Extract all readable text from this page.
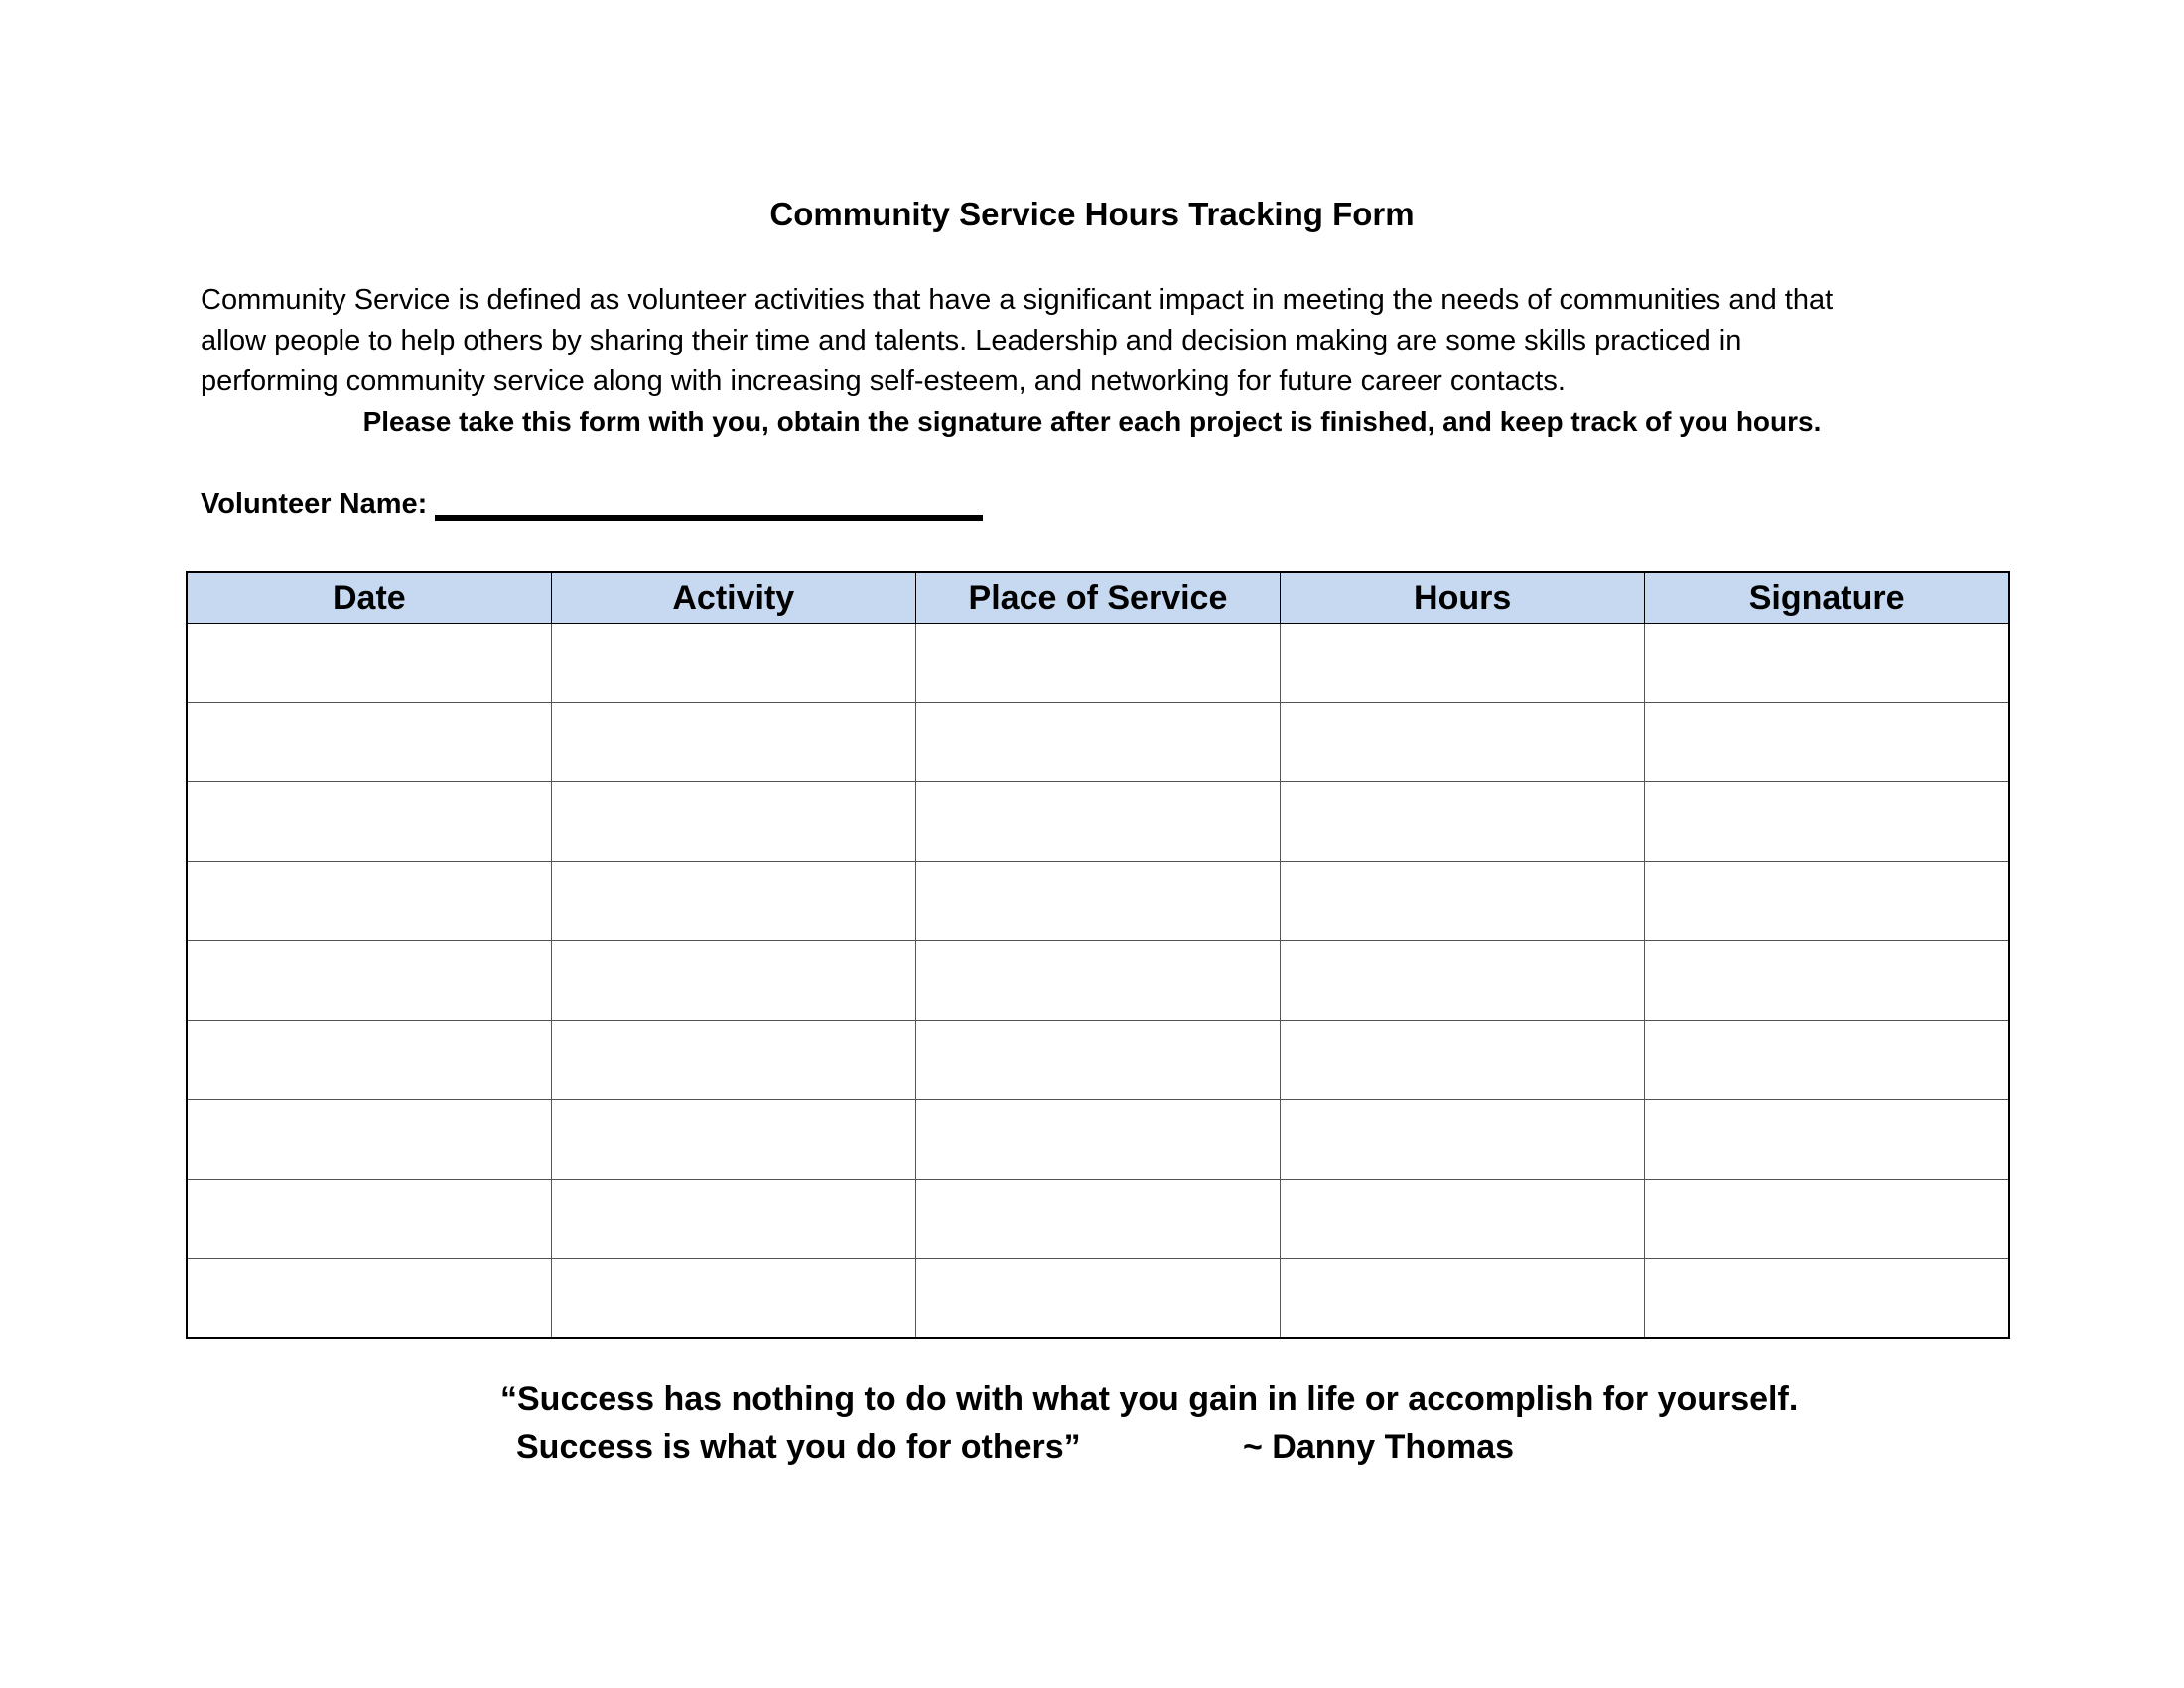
Community Service Hours Tracking Form

Community Service is defined as volunteer activities that have a significant impact in meeting the needs of communities and that

allow people to help others by sharing their time and talents. Leadership and decision making are some skills practiced in

performing community service along with increasing self-esteem, and networking for future career contacts.

Please take this form with you, obtain the signature after each project is finished, and keep track of you hours.
Volunteer Name:
Date	Activity	Place of Service	Hours	Signature

“Success has nothing to do with what you gain in life or accomplish for yourself.
Success is what you do for others”	~ Danny Thomas
